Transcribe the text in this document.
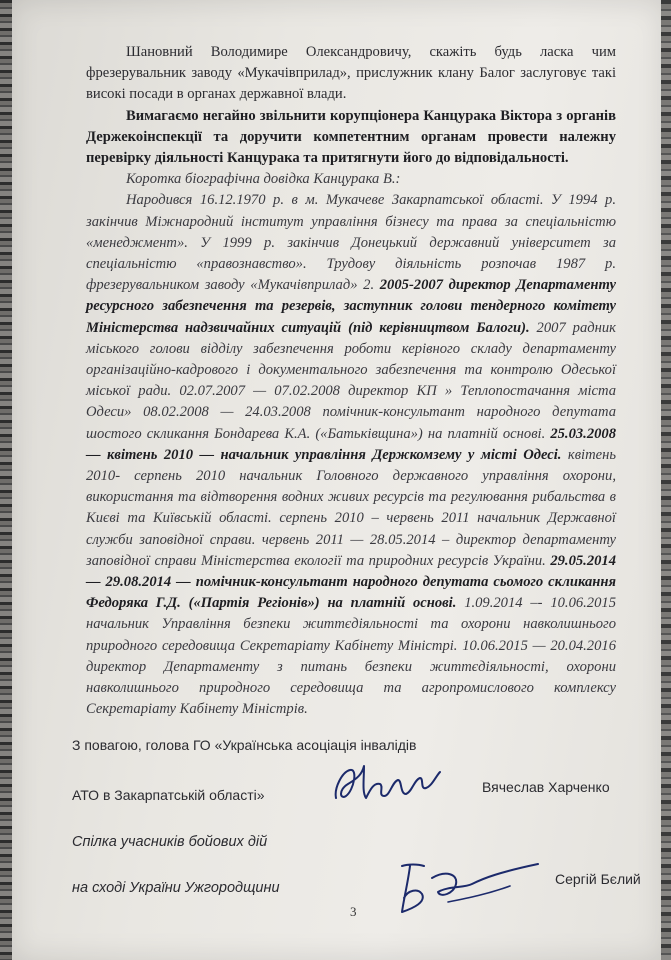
Шановний Володимире Олександровичу, скажіть будь ласка чим фрезерувальник заводу «Мукачівприлад», прислужник клану Балог заслуговує такі високі посади в органах державної влади.

Вимагаємо негайно звільнити корупціонера Канцурака Віктора з органів Держекоінспекції та доручити компетентним органам провести належну перевірку діяльності Канцурака та притягнути його до відповідальності.

Коротка біографічна довідка Канцурака В.:

Народився 16.12.1970 р. в м. Мукачеве Закарпатської області. У 1994 р. закінчив Міжнародний інститут управління бізнесу та права за спеціальністю «менеджмент». У 1999 р. закінчив Донецький державний університет за спеціальністю «правознавство». Трудову діяльність розпочав 1987 р. фрезерувальником заводу «Мукачівприлад» 2. 2005-2007 директор Департаменту ресурсного забезпечення та резервів, заступник голови тендерного комітету Міністерства надзвичайних ситуацій (під керівництвом Балоги). 2007 радник міського голови відділу забезпечення роботи керівного складу департаменту організаційно-кадрового і документального забезпечення та контролю Одеської міської ради. 02.07.2007 — 07.02.2008 директор КП » Теплопостачання міста Одеси» 08.02.2008 — 24.03.2008 помічник-консультант народного депутата шостого скликання Бондарева К.А. («Батьківщина») на платній основі. 25.03.2008 — квітень 2010 — начальник управління Держкомзему у місті Одесі. квітень 2010- серпень 2010 начальник Головного державного управління охорони, використання та відтворення водних живих ресурсів та регулювання рибальства в Києві та Київській області. серпень 2010 – червень 2011 начальник Державної служби заповідної справи. червень 2011 — 28.05.2014 – директор департаменту заповідної справи Міністерства екології та природних ресурсів України. 29.05.2014 — 29.08.2014 — помічник-консультант народного депутата сьомого скликання Федоряка Г.Д. («Партія Регіонів») на платній основі. 1.09.2014 –- 10.06.2015 начальник Управління безпеки життєдіяльності та охорони навколишнього природного середовища Секретаріату Кабінету Міністрі. 10.06.2015 — 20.04.2016 директор Департаменту з питань безпеки життєдіяльності, охорони навколишнього природного середовища та агропромислового комплексу Секретаріату Кабінету Міністрів.

З повагою, голова ГО «Українська асоціація інвалідів
АТО в Закарпатській області»
Спілка учасників бойових дій
на сході України Ужгородщини
Вячеслав Харченко
Сергій Бєлий
3
